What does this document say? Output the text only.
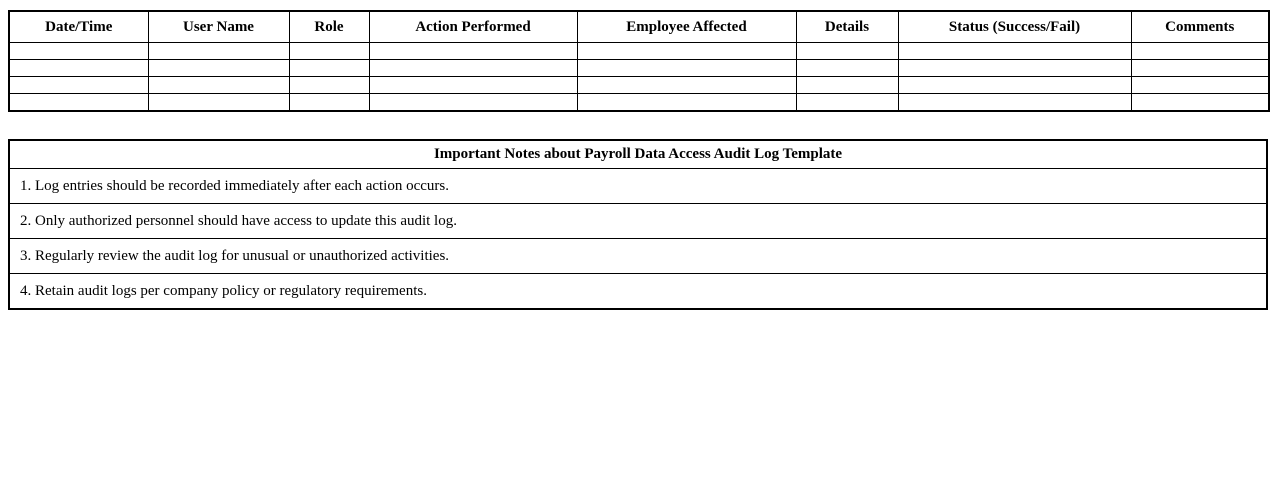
Date/Time	User Name	Role	Action Performed	Employee Affected	Details	Status (Success/Fail)	Comments

Important Notes about Payroll Data Access Audit Log Template
1. Log entries should be recorded immediately after each action occurs.
2. Only authorized personnel should have access to update this audit log.
3. Regularly review the audit log for unusual or unauthorized activities.
4. Retain audit logs per company policy or regulatory requirements.
